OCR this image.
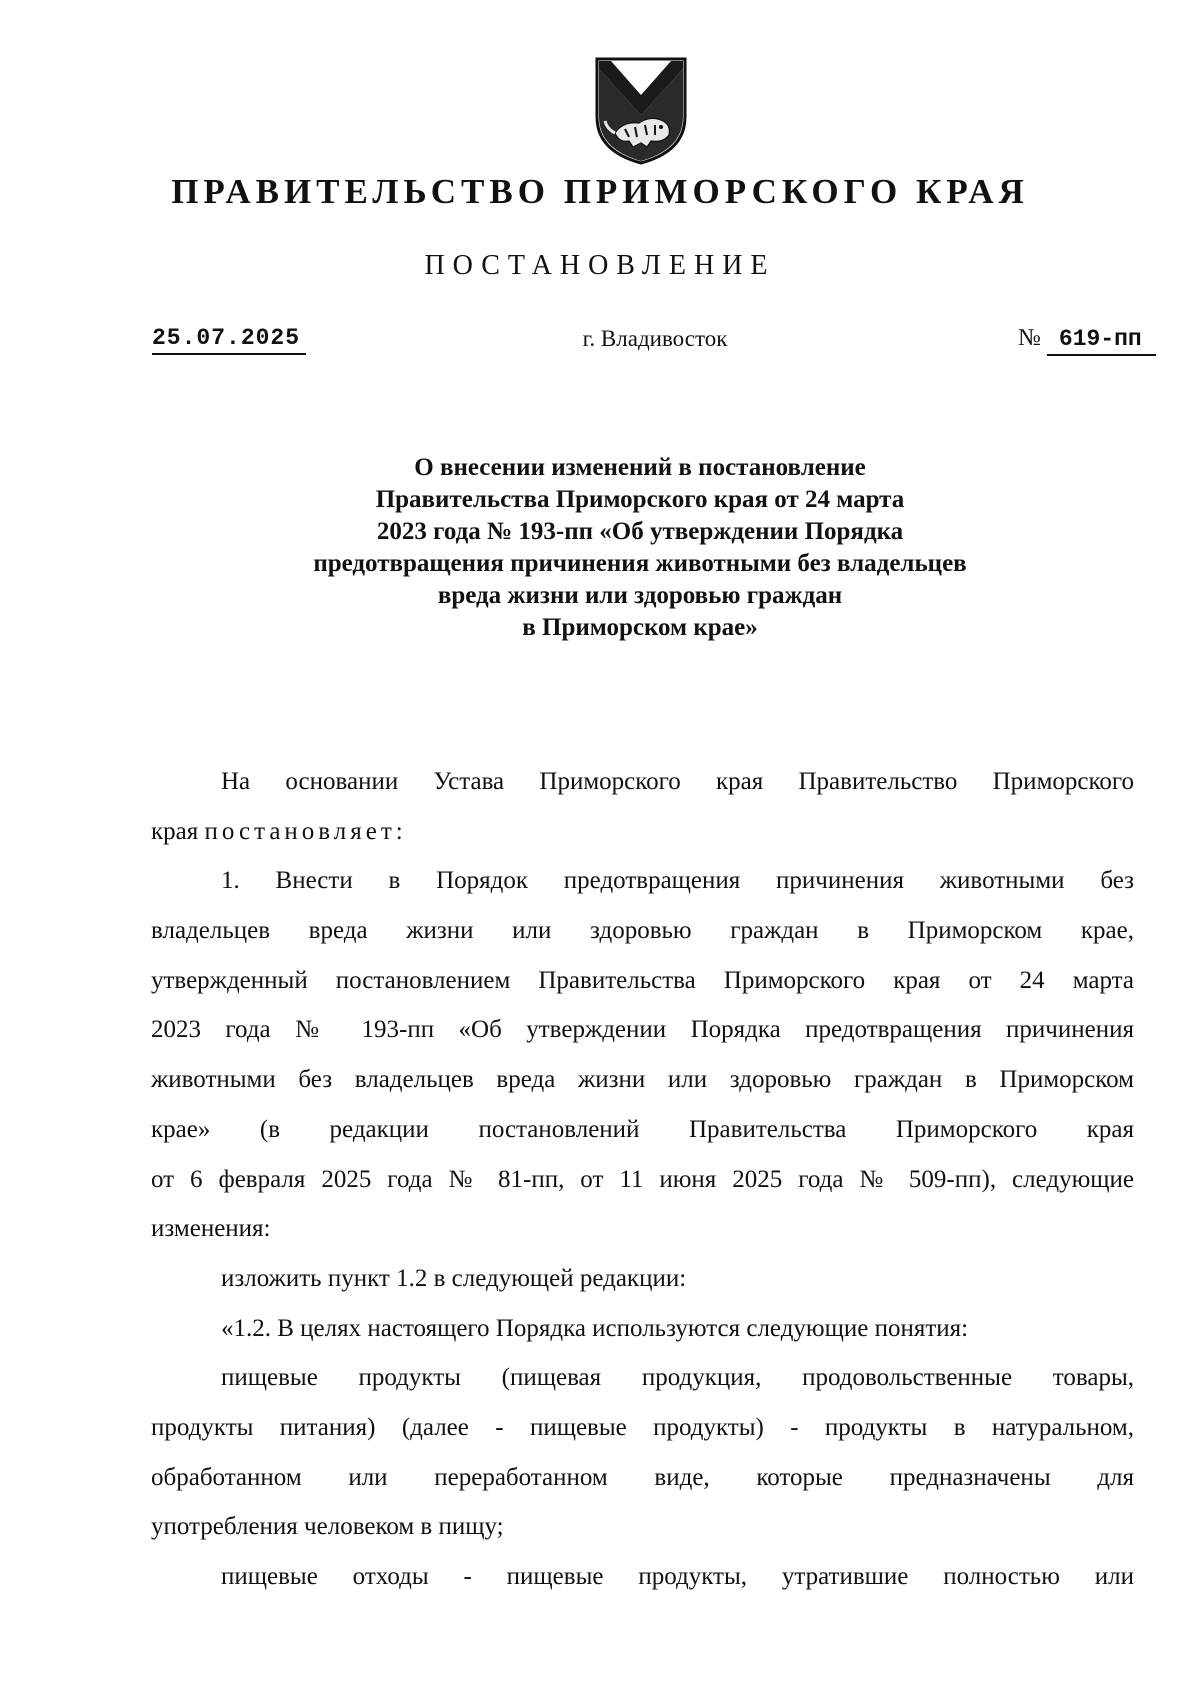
ПРАВИТЕЛЬСТВО ПРИМОРСКОГО КРАЯ
ПОСТАНОВЛЕНИЕ
25.07.2025	г. Владивосток	№ 619-пп
О внесении изменений в постановление
Правительства Приморского края от 24 марта
2023 года № 193-пп «Об утверждении Порядка
предотвращения причинения животными без владельцев
вреда жизни или здоровью граждан
в Приморском крае»
На основании Устава Приморского края Правительство Приморского
края постановляет:
1. Внести в Порядок предотвращения причинения животными без
владельцев вреда жизни или здоровью граждан в Приморском крае,
утвержденный постановлением Правительства Приморского края от 24 марта
2023 года № 193-пп «Об утверждении Порядка предотвращения причинения
животными без владельцев вреда жизни или здоровью граждан в Приморском
крае» (в редакции постановлений Правительства Приморского края
от 6 февраля 2025 года № 81-пп, от 11 июня 2025 года № 509-пп), следующие
изменения:
изложить пункт 1.2 в следующей редакции:
«1.2. В целях настоящего Порядка используются следующие понятия:
пищевые продукты (пищевая продукция, продовольственные товары,
продукты питания) (далее - пищевые продукты) - продукты в натуральном,
обработанном или переработанном виде, которые предназначены для
употребления человеком в пищу;
пищевые отходы - пищевые продукты, утратившие полностью или
